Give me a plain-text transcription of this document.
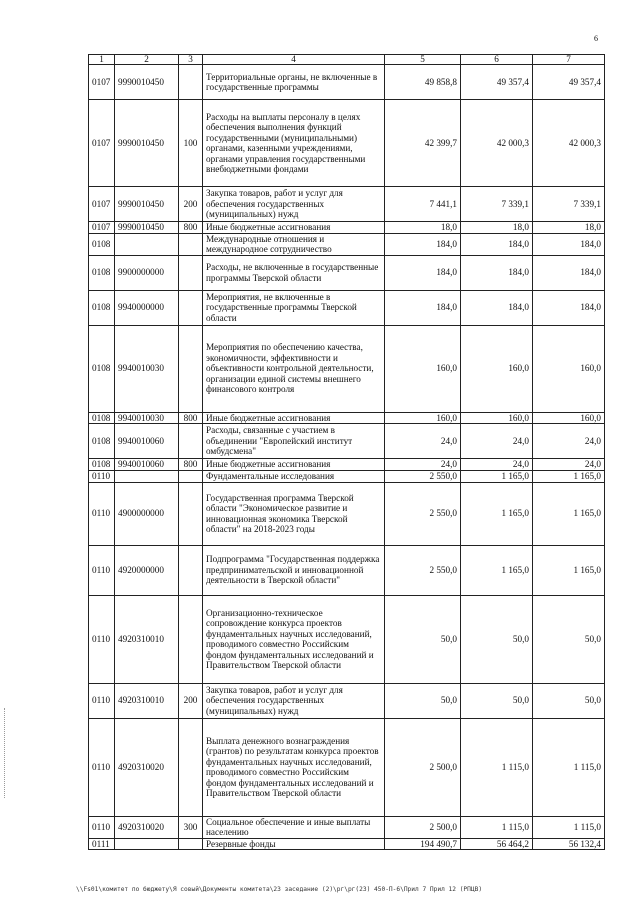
6
1	2	3	4	5	6	7
0107	9990010450		Территориальные органы, не включенные в государственные программы	49 858,8	49 357,4	49 357,4
0107	9990010450	100	Расходы на выплаты персоналу в целях обеспечения выполнения функций государственными (муниципальными) органами, казенными учреждениями, органами управления государственными внебюджетными фондами	42 399,7	42 000,3	42 000,3
0107	9990010450	200	Закупка товаров, работ и услуг для обеспечения государственных (муниципальных) нужд	7 441,1	7 339,1	7 339,1
0107	9990010450	800	Иные бюджетные ассигнования	18,0	18,0	18,0
0108			Международные отношения и международное сотрудничество	184,0	184,0	184,0
0108	9900000000		Расходы, не включенные в государственные программы Тверской области	184,0	184,0	184,0
0108	9940000000		Мероприятия, не включенные в государственные программы Тверской области	184,0	184,0	184,0
0108	9940010030		Мероприятия по обеспечению качества, экономичности, эффективности и объективности контрольной деятельности, организации единой системы внешнего финансового контроля	160,0	160,0	160,0
0108	9940010030	800	Иные бюджетные ассигнования	160,0	160,0	160,0
0108	9940010060		Расходы, связанные с участием в объединении "Европейский институт омбудсмена"	24,0	24,0	24,0
0108	9940010060	800	Иные бюджетные ассигнования	24,0	24,0	24,0
0110			Фундаментальные исследования	2 550,0	1 165,0	1 165,0
0110	4900000000		Государственная программа Тверской области "Экономическое развитие и инновационная экономика Тверской области" на 2018-2023 годы	2 550,0	1 165,0	1 165,0
0110	4920000000		Подпрограмма "Государственная поддержка предпринимательской и инновационной деятельности в Тверской области"	2 550,0	1 165,0	1 165,0
0110	4920310010		Организационно-техническое сопровождение конкурса проектов фундаментальных научных исследований, проводимого совместно Российским фондом фундаментальных исследований и Правительством Тверской области	50,0	50,0	50,0
0110	4920310010	200	Закупка товаров, работ и услуг для обеспечения государственных (муниципальных) нужд	50,0	50,0	50,0
0110	4920310020		Выплата денежного вознаграждения (грантов) по результатам конкурса проектов фундаментальных научных исследований, проводимого совместно Российским фондом фундаментальных исследований и Правительством Тверской области	2 500,0	1 115,0	1 115,0
0110	4920310020	300	Социальное обеспечение и иные выплаты населению	2 500,0	1 115,0	1 115,0
0111			Резервные фонды	194 490,7	56 464,2	56 132,4
\\Fs01\комитет по бюджету\Я совый\Документы комитета\23 заседание (2)\рг\рг(23) 450-П-6\Прил 7 Прил 12 (РПЦВ)
